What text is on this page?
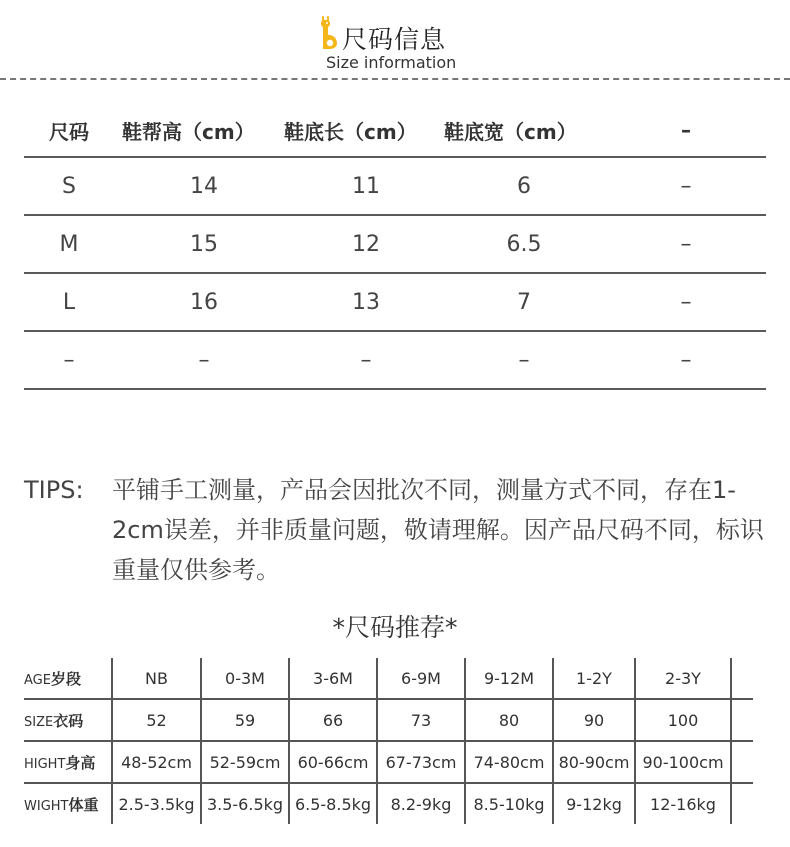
尺码信息
Size information
尺码	鞋帮高（cm）	鞋底长（cm）	鞋底宽（cm）	–
S	14	11	6	–
M	15	12	6.5	–
L	16	13	7	–
–	–	–	–	–
TIPS: 平铺手工测量，产品会因批次不同，测量方式不同，存在1-2cm误差，并非质量问题，敬请理解。因产品尺码不同，标识重量仅供参考。
*尺码推荐*
AGE岁段	NB	0-3M	3-6M	6-9M	9-12M	1-2Y	2-3Y	
SIZE衣码	52	59	66	73	80	90	100	
HIGHT身高	48-52cm	52-59cm	60-66cm	67-73cm	74-80cm	80-90cm	90-100cm	
WIGHT体重	2.5-3.5kg	3.5-6.5kg	6.5-8.5kg	8.2-9kg	8.5-10kg	9-12kg	12-16kg	
